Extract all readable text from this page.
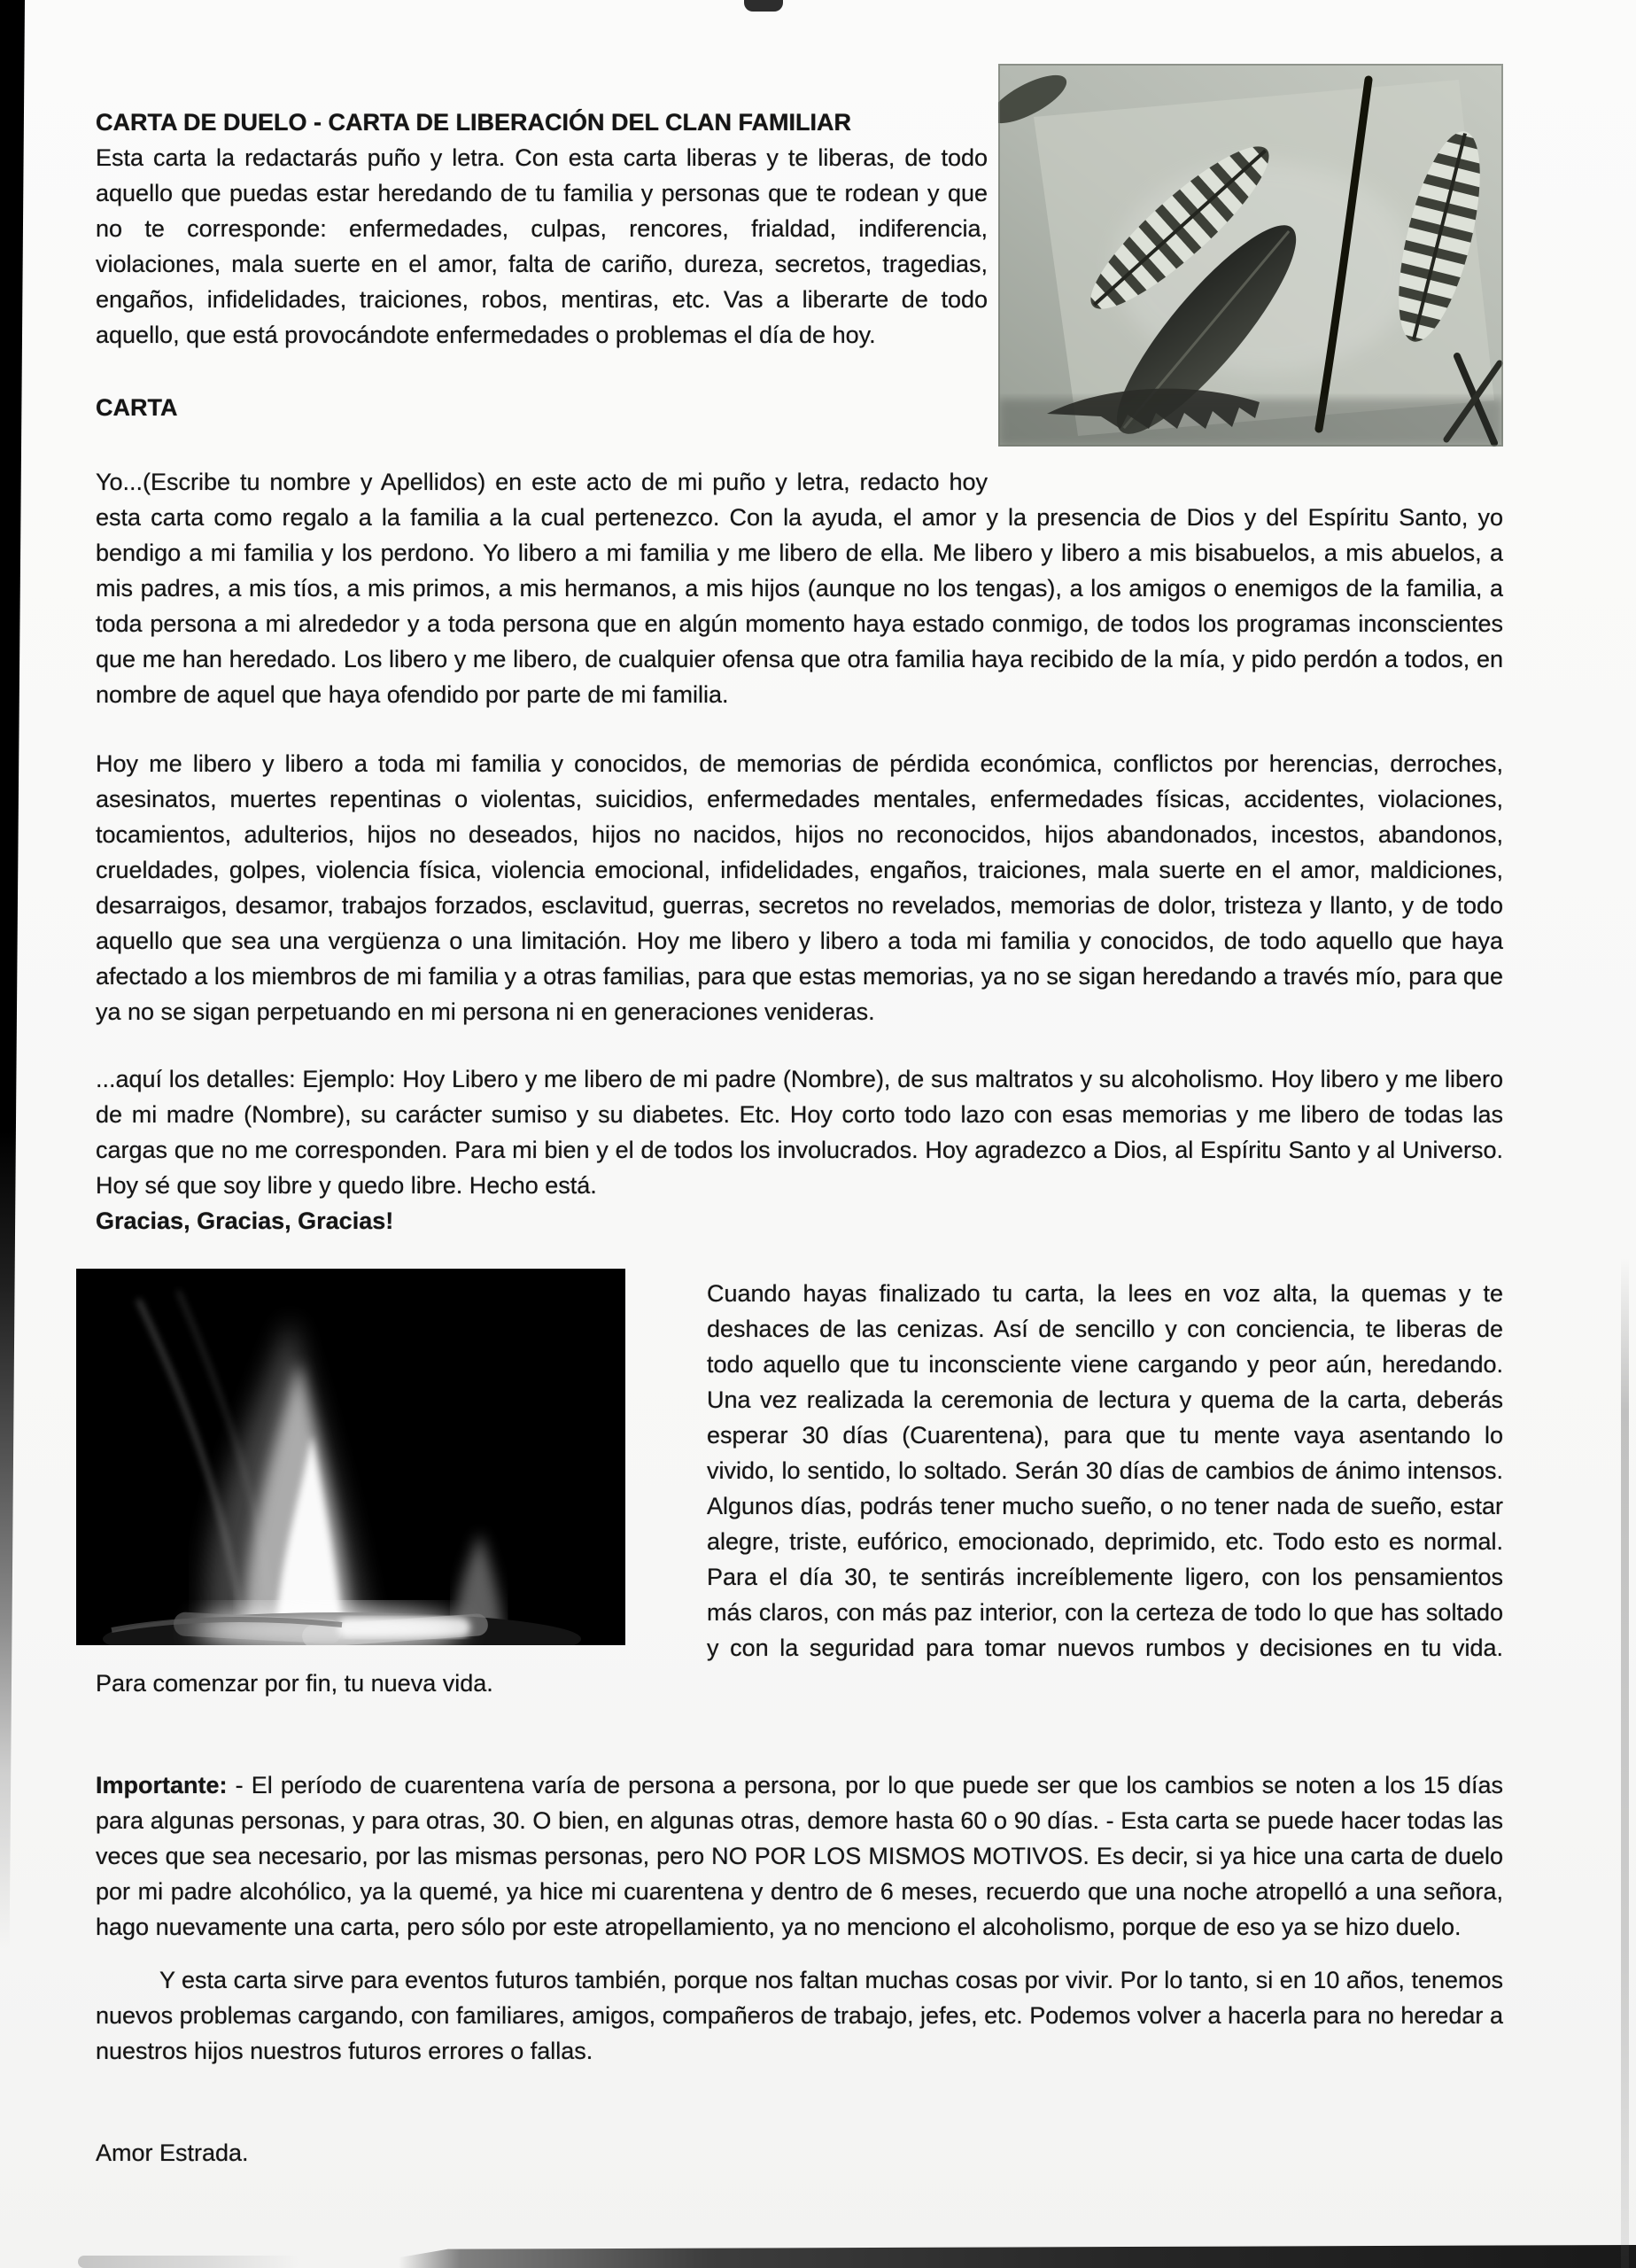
CARTA DE DUELO - CARTA DE LIBERACIÓN DEL CLAN FAMILIAR

Esta carta la redactarás puño y letra. Con esta carta liberas y te liberas, de todo aquello que puedas estar heredando de tu familia y personas que te rodean y que no te corresponde: enfermedades, culpas, rencores, frialdad, indiferencia, violaciones, mala suerte en el amor, falta de cariño, dureza, secretos, tragedias, engaños, infidelidades, traiciones, robos, mentiras, etc. Vas a liberarte de todo aquello, que está provocándote enfermedades o problemas el día de hoy.

CARTA

Yo...(Escribe tu nombre y Apellidos) en este acto de mi puño y letra, redacto hoy esta carta como regalo a la familia a la cual pertenezco. Con la ayuda, el amor y la presencia de Dios y del Espíritu Santo, yo bendigo a mi familia y los perdono. Yo libero a mi familia y me libero de ella. Me libero y libero a mis bisabuelos, a mis abuelos, a mis padres, a mis tíos, a mis primos, a mis hermanos, a mis hijos (aunque no los tengas), a los amigos o enemigos de la familia, a toda persona a mi alrededor y a toda persona que en algún momento haya estado conmigo, de todos los programas inconscientes que me han heredado. Los libero y me libero, de cualquier ofensa que otra familia haya recibido de la mía, y pido perdón a todos, en nombre de aquel que haya ofendido por parte de mi familia.

Hoy me libero y libero a toda mi familia y conocidos, de memorias de pérdida económica, conflictos por herencias, derroches, asesinatos, muertes repentinas o violentas, suicidios, enfermedades mentales, enfermedades físicas, accidentes, violaciones, tocamientos, adulterios, hijos no deseados, hijos no nacidos, hijos no reconocidos, hijos abandonados, incestos, abandonos, crueldades, golpes, violencia física, violencia emocional, infidelidades, engaños, traiciones, mala suerte en el amor, maldiciones, desarraigos, desamor, trabajos forzados, esclavitud, guerras, secretos no revelados, memorias de dolor, tristeza y llanto, y de todo aquello que sea una vergüenza o una limitación. Hoy me libero y libero a toda mi familia y conocidos, de todo aquello que haya afectado a los miembros de mi familia y a otras familias, para que estas memorias, ya no se sigan heredando a través mío, para que ya no se sigan perpetuando en mi persona ni en generaciones venideras.

...aquí los detalles: Ejemplo: Hoy Libero y me libero de mi padre (Nombre), de sus maltratos y su alcoholismo. Hoy libero y me libero de mi madre (Nombre), su carácter sumiso y su diabetes. Etc. Hoy corto todo lazo con esas memorias y me libero de todas las cargas que no me corresponden. Para mi bien y el de todos los involucrados. Hoy agradezco a Dios, al Espíritu Santo y al Universo. Hoy sé que soy libre y quedo libre. Hecho está.

Gracias, Gracias, Gracias!

Cuando hayas finalizado tu carta, la lees en voz alta, la quemas y te deshaces de las cenizas. Así de sencillo y con conciencia, te liberas de todo aquello que tu inconsciente viene cargando y peor aún, heredando. Una vez realizada la ceremonia de lectura y quema de la carta, deberás esperar 30 días (Cuarentena), para que tu mente vaya asentando lo vivido, lo sentido, lo soltado. Serán 30 días de cambios de ánimo intensos. Algunos días, podrás tener mucho sueño, o no tener nada de sueño, estar alegre, triste, eufórico, emocionado, deprimido, etc. Todo esto es normal. Para el día 30, te sentirás increíblemente ligero, con los pensamientos más claros, con más paz interior, con la certeza de todo lo que has soltado y con la seguridad para tomar nuevos rumbos y decisiones en tu vida. Para comenzar por fin, tu nueva vida.

Importante: - El período de cuarentena varía de persona a persona, por lo que puede ser que los cambios se noten a los 15 días para algunas personas, y para otras, 30. O bien, en algunas otras, demore hasta 60 o 90 días. - Esta carta se puede hacer todas las veces que sea necesario, por las mismas personas, pero NO POR LOS MISMOS MOTIVOS. Es decir, si ya hice una carta de duelo por mi padre alcohólico, ya la quemé, ya hice mi cuarentena y dentro de 6 meses, recuerdo que una noche atropelló a una señora, hago nuevamente una carta, pero sólo por este atropellamiento, ya no menciono el alcoholismo, porque de eso ya se hizo duelo.

Y esta carta sirve para eventos futuros también, porque nos faltan muchas cosas por vivir. Por lo tanto, si en 10 años, tenemos nuevos problemas cargando, con familiares, amigos, compañeros de trabajo, jefes, etc. Podemos volver a hacerla para no heredar a nuestros hijos nuestros futuros errores o fallas.

Amor Estrada.
